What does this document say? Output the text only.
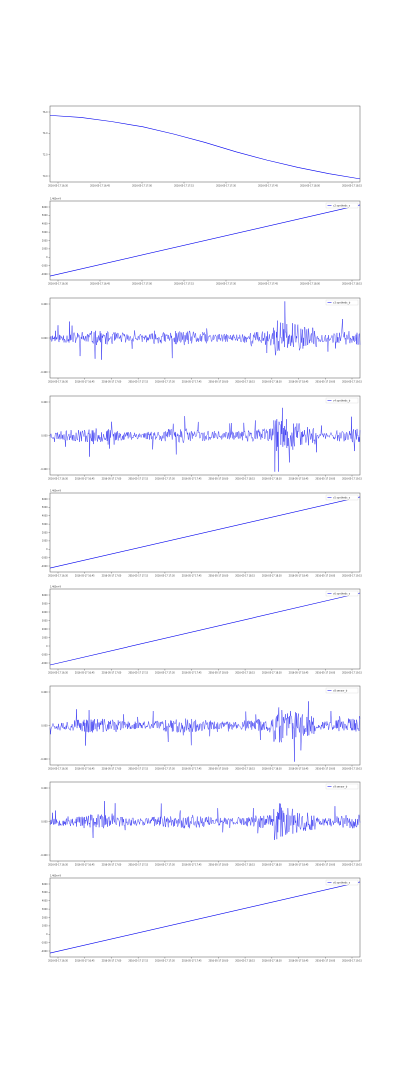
76.0
74.0
72.0
70.0
2016-05-17 16:30	2016-05-17 16:45	2016-05-17 17:00	2016-05-17 17:15	2016-05-17 17:30	2016-05-17 17:45	2016-05-17 18:00	2016-05-17 18:15
6000
5000
4000
3000
2000
1000
0
-1000
-2000
2016-05-17 16:30	2016-05-17 16:45	2016-05-17 17:00	2016-05-17 17:15	2016-05-17 17:30	2016-05-17 17:45	2016-05-17 18:00	2016-05-17 18:15
1.463e+9
c2 synthetic_s
0.400
0.000
-0.400
2016-05-17 16:30	2016-05-17 16:45	2016-05-17 17:00	2016-05-17 17:15	2016-05-17 17:30	2016-05-17 17:45	2016-05-17 18:00	2016-05-17 18:15	2016-05-17 18:30	2016-05-17 18:45	2016-05-17 19:00	2016-05-17 19:15
c3 synthetic_b
0.400
0.000
-0.400
2016-05-17 16:30	2016-05-17 16:45	2016-05-17 17:00	2016-05-17 17:15	2016-05-17 17:30	2016-05-17 17:45	2016-05-17 18:00	2016-05-17 18:15	2016-05-17 18:30	2016-05-17 18:45	2016-05-17 19:00	2016-05-17 19:15
c4 synthetic_b
6000
5000
4000
3000
2000
1000
0
-1000
-2000
2016-05-17 16:30	2016-05-17 16:45	2016-05-17 17:00	2016-05-17 17:15	2016-05-17 17:30	2016-05-17 17:45	2016-05-17 18:00	2016-05-17 18:15	2016-05-17 18:30	2016-05-17 18:45	2016-05-17 19:00	2016-05-17 19:15
1.463e+9
c5 synthetic_s
6000
5000
4000
3000
2000
1000
0
-1000
-2000
2016-05-17 16:30	2016-05-17 16:45	2016-05-17 17:00	2016-05-17 17:15	2016-05-17 17:30	2016-05-17 17:45	2016-05-17 18:00	2016-05-17 18:15	2016-05-17 18:30	2016-05-17 18:45	2016-05-17 19:00	2016-05-17 19:15
1.463e+9
c6 synthetic_s
0.400
0.000
-0.400
2016-05-17 16:30	2016-05-17 16:45	2016-05-17 17:00	2016-05-17 17:15	2016-05-17 17:30	2016-05-17 17:45	2016-05-17 18:00	2016-05-17 18:15	2016-05-17 18:30	2016-05-17 18:45	2016-05-17 19:00	2016-05-17 19:15
c8 sensor_b
0.400
0.000
-0.400
2016-05-17 16:30	2016-05-17 16:45	2016-05-17 17:00	2016-05-17 17:15	2016-05-17 17:30	2016-05-17 17:45	2016-05-17 18:00	2016-05-17 18:15	2016-05-17 18:30	2016-05-17 18:45	2016-05-17 19:00	2016-05-17 19:15
c9 sensor_b
6000
5000
4000
3000
2000
1000
0
-1000
-2000
2016-05-17 16:30	2016-05-17 16:45	2016-05-17 17:00	2016-05-17 17:15	2016-05-17 17:30	2016-05-17 17:45	2016-05-17 18:00	2016-05-17 18:15	2016-05-17 18:30	2016-05-17 18:45	2016-05-17 19:00	2016-05-17 19:15
1.463e+9
c6 synthetic_s
